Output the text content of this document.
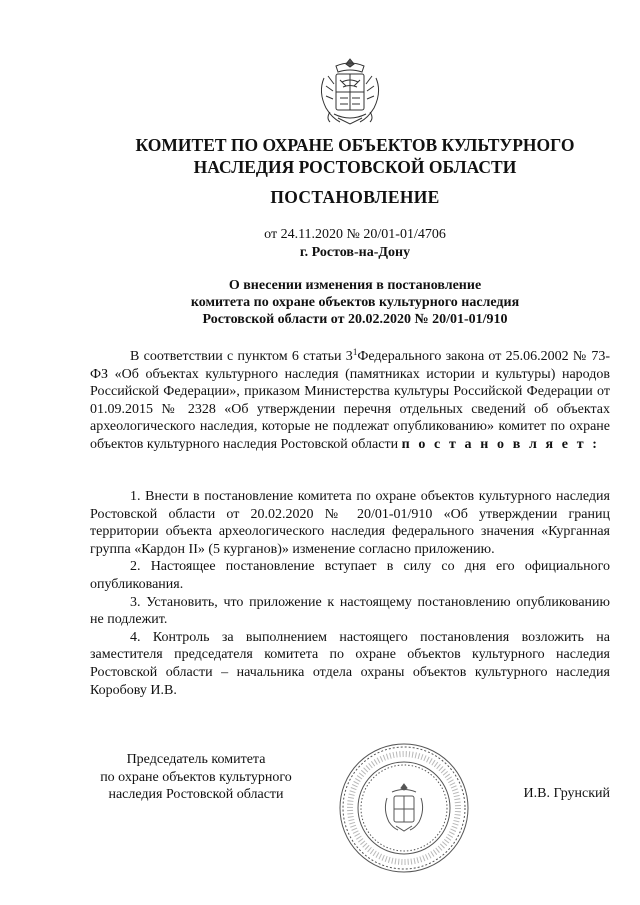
КОМИТЕТ ПО ОХРАНЕ ОБЪЕКТОВ КУЛЬТУРНОГО
НАСЛЕДИЯ РОСТОВСКОЙ ОБЛАСТИ
ПОСТАНОВЛЕНИЕ
от 24.11.2020 № 20/01-01/4706
г. Ростов-на-Дону
О внесении изменения в постановление
комитета по охране объектов культурного наследия
Ростовской области от 20.02.2020 № 20/01-01/910

В соответствии с пунктом 6 статьи $3^1Федерального$ закона от 25.06.2002 № 73-ФЗ «Об объектах культурного наследия (памятниках истории и культуры) народов Российской Федерации», приказом Министерства культуры Российской Федерации от 01.09.2015 № 2328 «Об утверждении перечня отдельных сведений об объектах археологического наследия, которые не подлежат опубликованию» комитет по охране объектов культурного наследия Ростовской области п о с т а н о в л я е т :

1. Внести в постановление комитета по охране объектов культурного наследия Ростовской области от 20.02.2020 № 20/01-01/910 «Об утверждении границ территории объекта археологического наследия федерального значения «Курганная группа «Кардон II» (5 курганов)» изменение согласно приложению.

2. Настоящее постановление вступает в силу со дня его официального опубликования.

3. Установить, что приложение к настоящему постановлению опубликованию не подлежит.

4. Контроль за выполнением настоящего постановления возложить на заместителя председателя комитета по охране объектов культурного наследия Ростовской области – начальника отдела охраны объектов культурного наследия Коробову И.В.

Председатель комитета
по охране объектов культурного
наследия Ростовской области	И.В. Грунский
